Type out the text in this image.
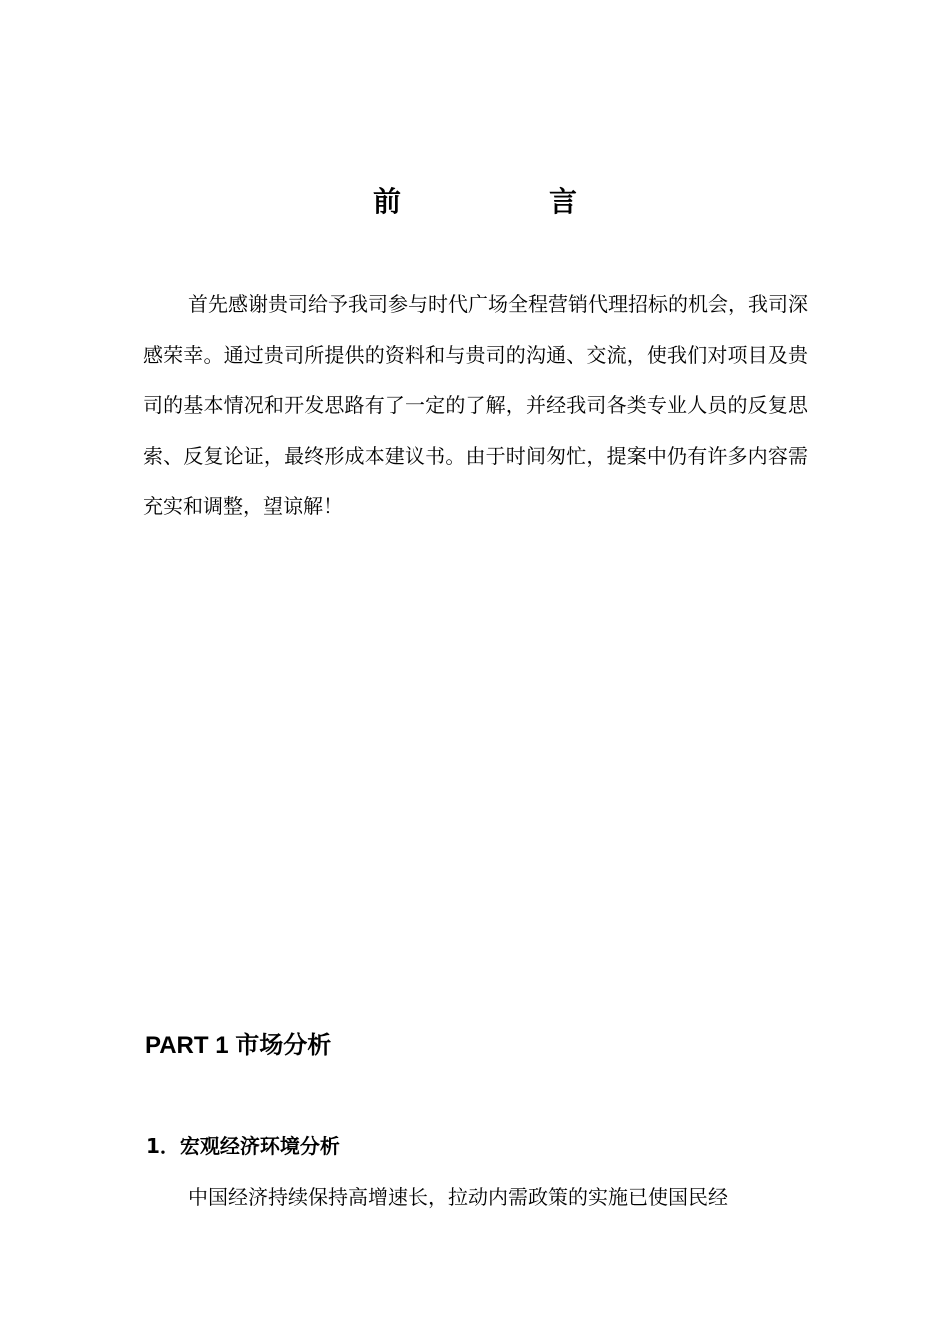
前　言

首先感谢贵司给予我司参与时代广场全程营销代理招标的机会，我司深感荣幸。通过贵司所提供的资料和与贵司的沟通、交流，使我们对项目及贵司的基本情况和开发思路有了一定的了解，并经我司各类专业人员的反复思索、反复论证，最终形成本建议书。由于时间匆忙，提案中仍有许多内容需充实和调整，望谅解！

PART 1 市场分析
1．宏观经济环境分析

中国经济持续保持高增速长，拉动内需政策的实施已使国民经
